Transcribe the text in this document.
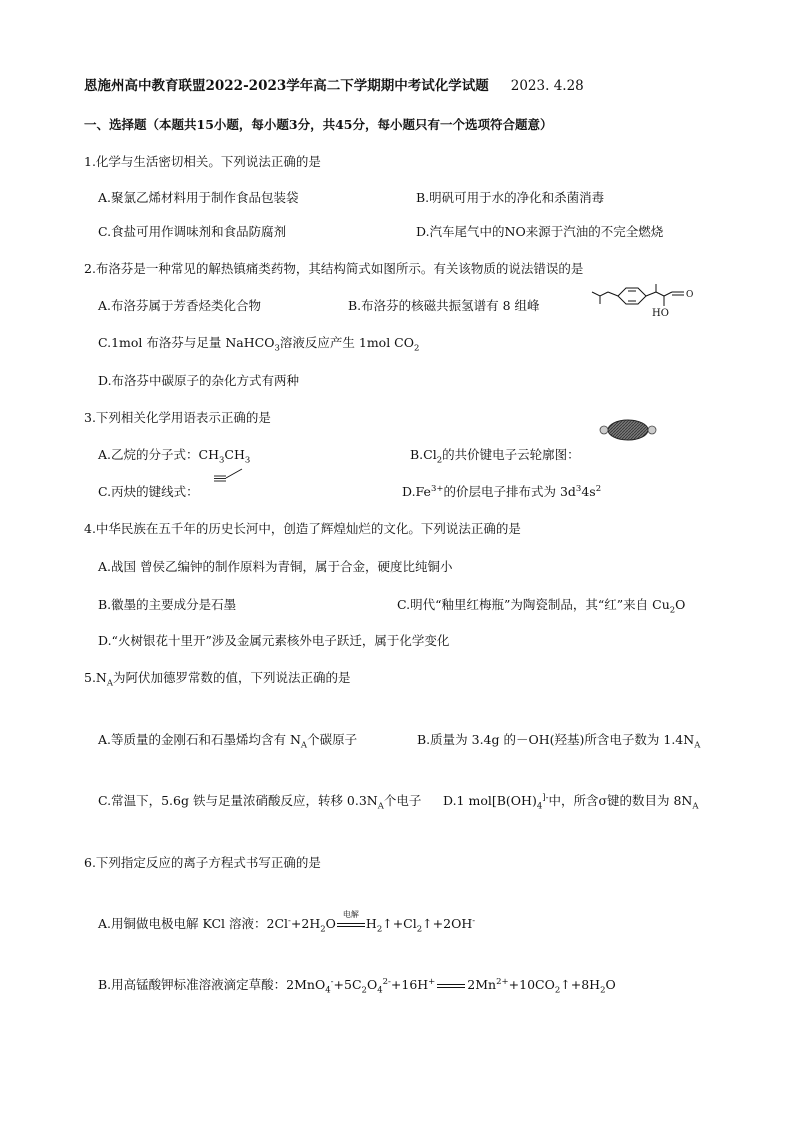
恩施州高中教育联盟2022-2023学年高二下学期期中考试化学试题 2023. 4.28
一、选择题（本题共15小题，每小题3分，共45分，每小题只有一个选项符合题意）
1.化学与生活密切相关。下列说法正确的是
A.聚氯乙烯材料用于制作食品包装袋	B.明矾可用于水的净化和杀菌消毒
C.食盐可用作调味剂和食品防腐剂	D.汽车尾气中的NO来源于汽油的不完全燃烧
2.布洛芬是一种常见的解热镇痛类药物，其结构简式如图所示。有关该物质的说法错误的是
A.布洛芬属于芳香烃类化合物	B.布洛芬的核磁共振氢谱有 8 组峰
O
HO
C.1mol 布洛芬与足量 NaHCO$_3$溶液反应产生 1mol $CO_2$
D.布洛芬中碳原子的杂化方式有两种
3.下列相关化学用语表示正确的是
A.乙烷的分子式：$CH_3CH_3$	$B.Cl_2$的共价键电子云轮廓图：
C.丙炔的键线式：	$D.Fe^{3+}$的价层电子排布式为 $3d^34s^2$
4.中华民族在五千年的历史长河中，创造了辉煌灿烂的文化。下列说法正确的是
A.战国 曾侯乙编钟的制作原料为青铜，属于合金，硬度比纯铜小
B.徽墨的主要成分是石墨	C.明代“釉里红梅瓶”为陶瓷制品，其“红”来自 $Cu_2O$
D.“火树银花十里开”涉及金属元素核外电子跃迁，属于化学变化
$5.N_A$为阿伏加德罗常数的值，下列说法正确的是
A.等质量的金刚石和石墨烯均含有 $N_A$个碳原子	B.质量为 3.4g 的－OH(羟基)所含电子数为 $1.4N_A$
C.常温下，5.6g 铁与足量浓硝酸反应，转移 $0.3N_A$个电子 D.1 $mol[B(OH)_4^{]-}$中，所含σ键的数目为 $8N_A$
6.下列指定反应的离子方程式书写正确的是
A.用铜做电极电解 KCl 溶液：$2Cl^-+2H_2O$
电解
$H_2↑+Cl_2↑+2OH^-$
B.用高锰酸钾标准溶液滴定草酸：$2MnO_4^-+5C_2O_4^{2-}+16H^+$	$2Mn^{2+}+10CO_2↑+8H_2O$
